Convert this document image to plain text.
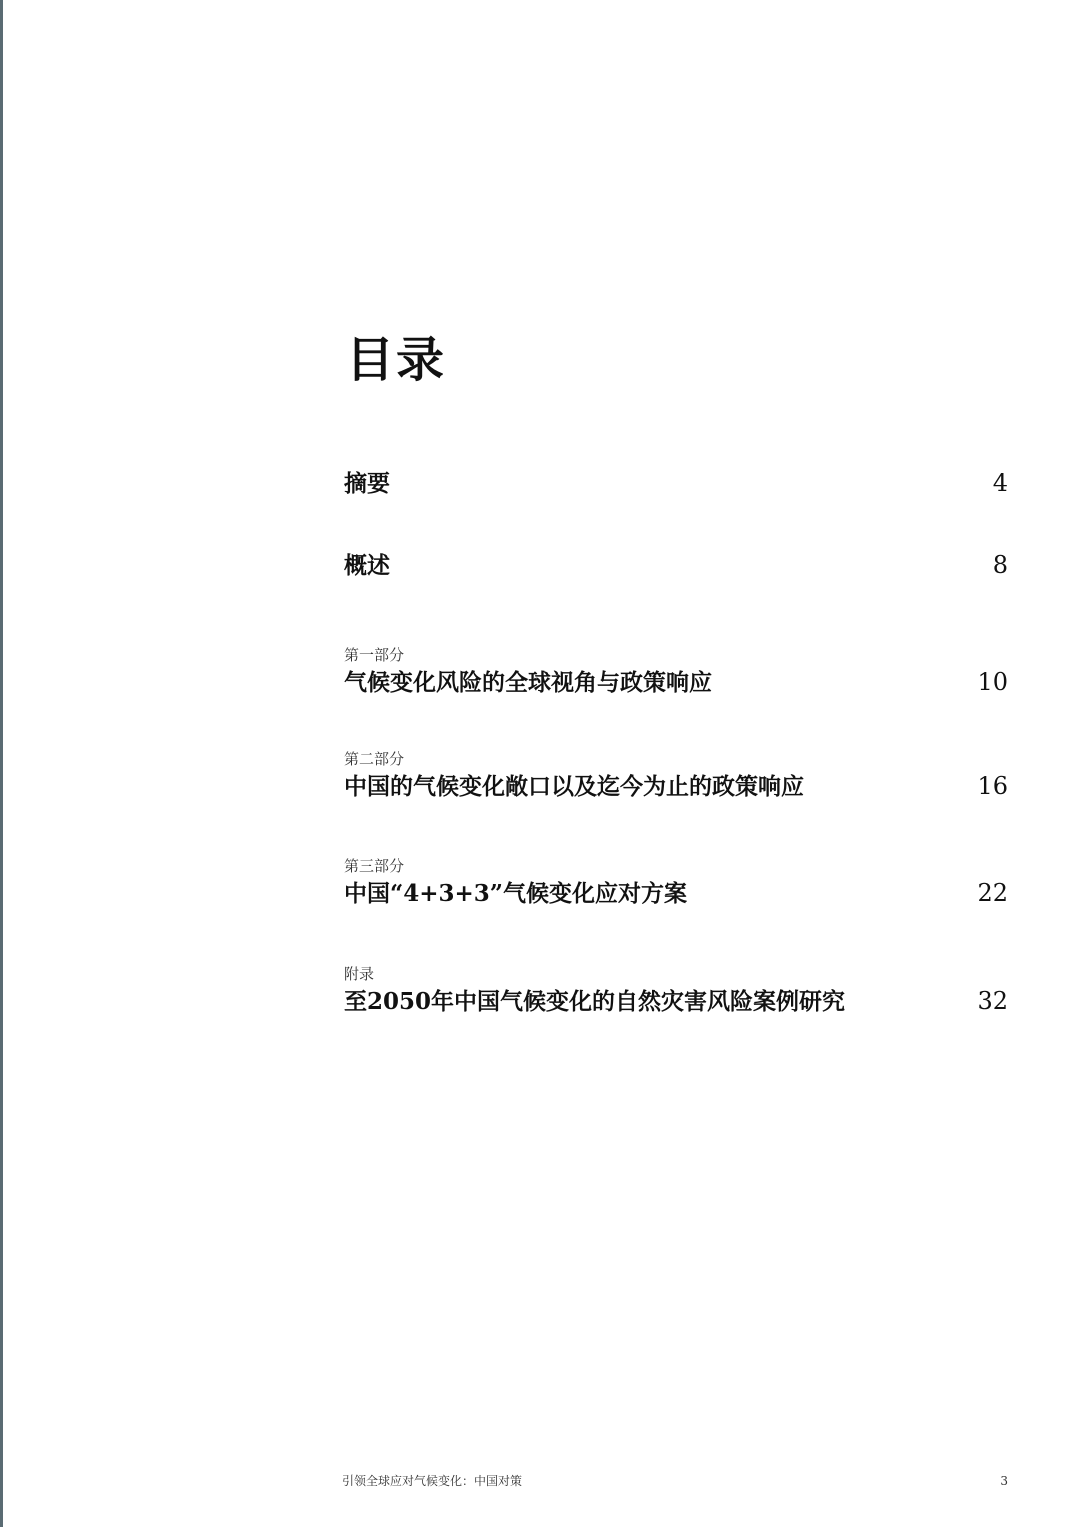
目录
摘要	4
概述	8
第一部分
气候变化风险的全球视角与政策响应	10
第二部分
中国的气候变化敞口以及迄今为止的政策响应	16
第三部分
中国“4+3+3”气候变化应对方案	22
附录
至2050年中国气候变化的自然灾害风险案例研究	32
引领全球应对气候变化：中国对策	3
